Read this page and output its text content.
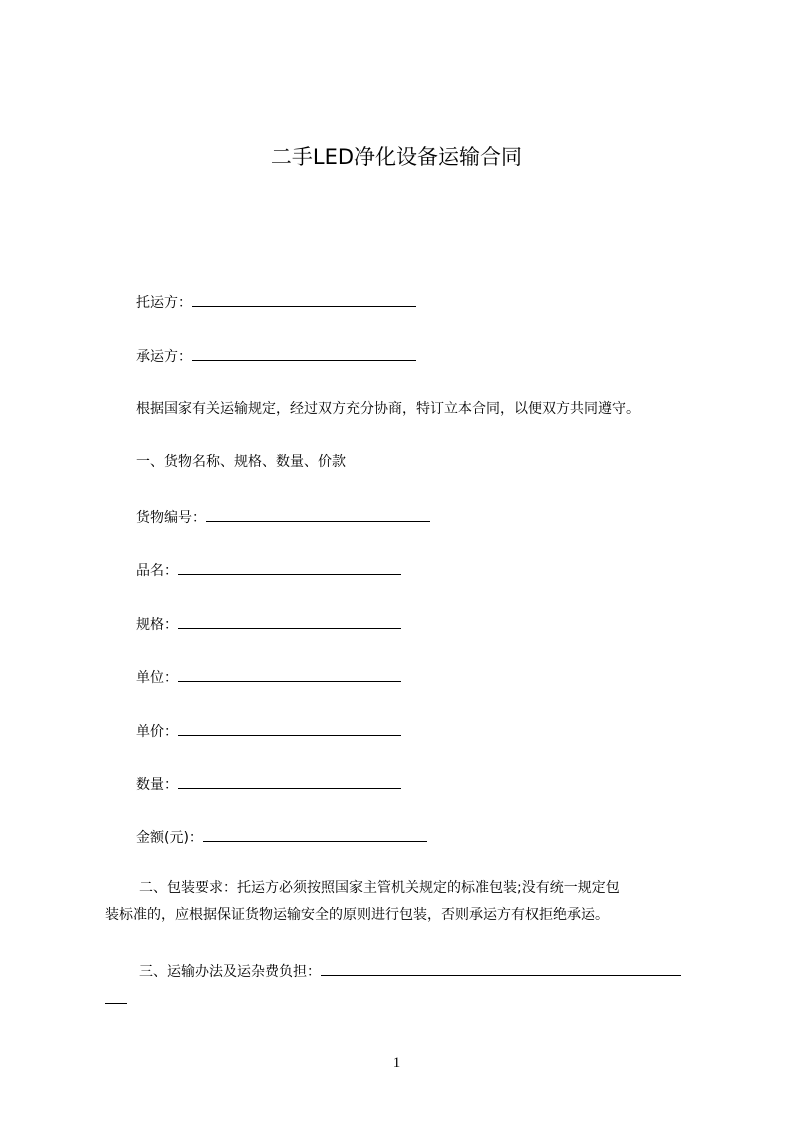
二手LED净化设备运输合同
托运方：
承运方：
根据国家有关运输规定，经过双方充分协商，特订立本合同，以便双方共同遵守。
一、货物名称、规格、数量、价款
货物编号：
品名：
规格：
单位：
单价：
数量：
金额(元)：
二、包装要求：托运方必须按照国家主管机关规定的标准包装;没有统一规定包
装标准的，应根据保证货物运输安全的原则进行包装，否则承运方有权拒绝承运。
三、运输办法及运杂费负担：
1
